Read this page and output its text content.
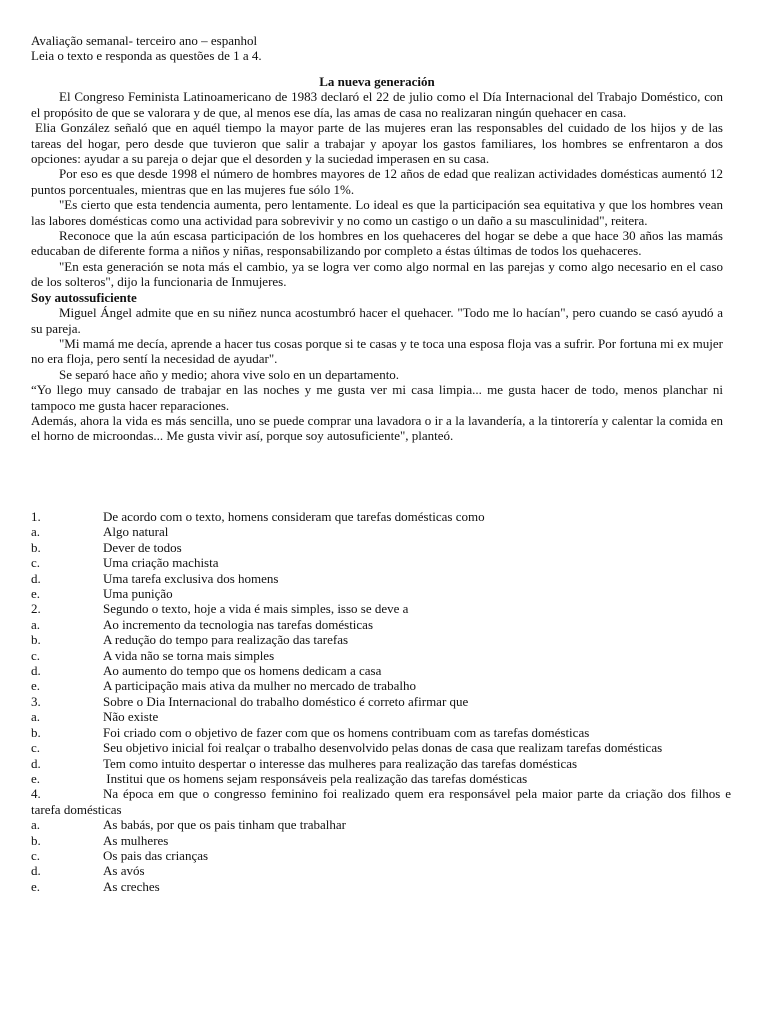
Avaliação semanal- terceiro ano – espanhol
Leia o texto e responda as questões de 1 a 4.
La nueva generación

El Congreso Feminista Latinoamericano de 1983 declaró el 22 de julio como el Día Internacional del Trabajo Doméstico, con el propósito de que se valorara y de que, al menos ese día, las amas de casa no realizaran ningún quehacer en casa.

Elia González señaló que en aquél tiempo la mayor parte de las mujeres eran las responsables del cuidado de los hijos y de las tareas del hogar, pero desde que tuvieron que salir a trabajar y apoyar los gastos familiares, los hombres se enfrentaron a dos opciones: ayudar a su pareja o dejar que el desorden y la suciedad imperasen en su casa.

Por eso es que desde 1998 el número de hombres mayores de 12 años de edad que realizan actividades domésticas aumentó 12 puntos porcentuales, mientras que en las mujeres fue sólo 1%.

"Es cierto que esta tendencia aumenta, pero lentamente. Lo ideal es que la participación sea equitativa y que los hombres vean las labores domésticas como una actividad para sobrevivir y no como un castigo o un daño a su masculinidad", reitera.

Reconoce que la aún escasa participación de los hombres en los quehaceres del hogar se debe a que hace 30 años las mamás educaban de diferente forma a niños y niñas, responsabilizando por completo a éstas últimas de todos los quehaceres.

"En esta generación se nota más el cambio, ya se logra ver como algo normal en las parejas y como algo necesario en el caso de los solteros", dijo la funcionaria de Inmujeres.

Soy autossuficiente

Miguel Ángel admite que en su niñez nunca acostumbró hacer el quehacer. "Todo me lo hacían", pero cuando se casó ayudó a su pareja.

"Mi mamá me decía, aprende a hacer tus cosas porque si te casas y te toca una esposa floja vas a sufrir. Por fortuna mi ex mujer no era floja, pero sentí la necesidad de ayudar".

Se separó hace año y medio; ahora vive solo en un departamento.

“Yo llego muy cansado de trabajar en las noches y me gusta ver mi casa limpia... me gusta hacer de todo, menos planchar ni tampoco me gusta hacer reparaciones.

Además, ahora la vida es más sencilla, uno se puede comprar una lavadora o ir a la lavandería, a la tintorería y calentar la comida en el horno de microondas... Me gusta vivir así, porque soy autosuficiente", planteó.

1.	De acordo com o texto, homens consideram que tarefas domésticas como
a.	Algo natural
b.	Dever de todos
c.	Uma criação machista
d.	Uma tarefa exclusiva dos homens
e.	Uma punição
2.	Segundo o texto, hoje a vida é mais simples, isso se deve a
a.	Ao incremento da tecnologia nas tarefas domésticas
b.	A redução do tempo para realização das tarefas
c.	A vida não se torna mais simples
d.	Ao aumento do tempo que os homens dedicam a casa
e.	A participação mais ativa da mulher no mercado de trabalho
3.	Sobre o Dia Internacional do trabalho doméstico é correto afirmar que
a.	Não existe
b.	Foi criado com o objetivo de fazer com que os homens contribuam com as tarefas domésticas
c.	Seu objetivo inicial foi realçar o trabalho desenvolvido pelas donas de casa que realizam tarefas domésticas
d.	Tem como intuito despertar o interesse das mulheres para realização das tarefas domésticas
e.	Institui que os homens sejam responsáveis pela realização das tarefas domésticas
4.	Na época em que o congresso feminino foi realizado quem era responsável pela maior parte da criação dos filhos e tarefa domésticas
a.	As babás, por que os pais tinham que trabalhar
b.	As mulheres
c.	Os pais das crianças
d.	As avós
e.	As creches
